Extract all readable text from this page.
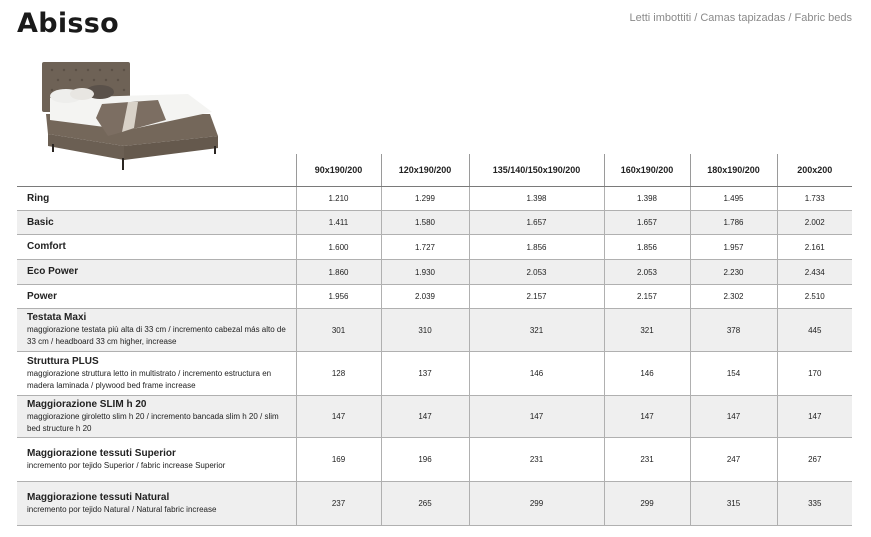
Abisso	Letti imbottiti / Camas tapizadas / Fabric beds
	90x190/200	120x190/200	135/140/150x190/200	160x190/200	180x190/200	200x200

Ring	1.210	1.299	1.398	1.398	1.495	1.733

Basic	1.411	1.580	1.657	1.657	1.786	2.002

Comfort	1.600	1.727	1.856	1.856	1.957	2.161

Eco Power	1.860	1.930	2.053	2.053	2.230	2.434

Power	1.956	2.039	2.157	2.157	2.302	2.510

Testata Maxi
maggiorazione testata più alta di 33 cm / incremento cabezal más alto de 33 cm / headboard 33 cm higher, increase	301	310	321	321	378	445

Struttura PLUS
maggiorazione struttura letto in multistrato / incremento estructura en madera laminada / plywood bed frame increase	128	137	146	146	154	170

Maggiorazione SLIM h 20
maggiorazione giroletto slim h 20 / incremento bancada slim h 20 / slim bed structure h 20	147	147	147	147	147	147

Maggiorazione tessuti Superior
incremento por tejido Superior / fabric increase Superior	169	196	231	231	247	267

Maggiorazione tessuti Natural
incremento por tejido Natural / Natural fabric increase	237	265	299	299	315	335
